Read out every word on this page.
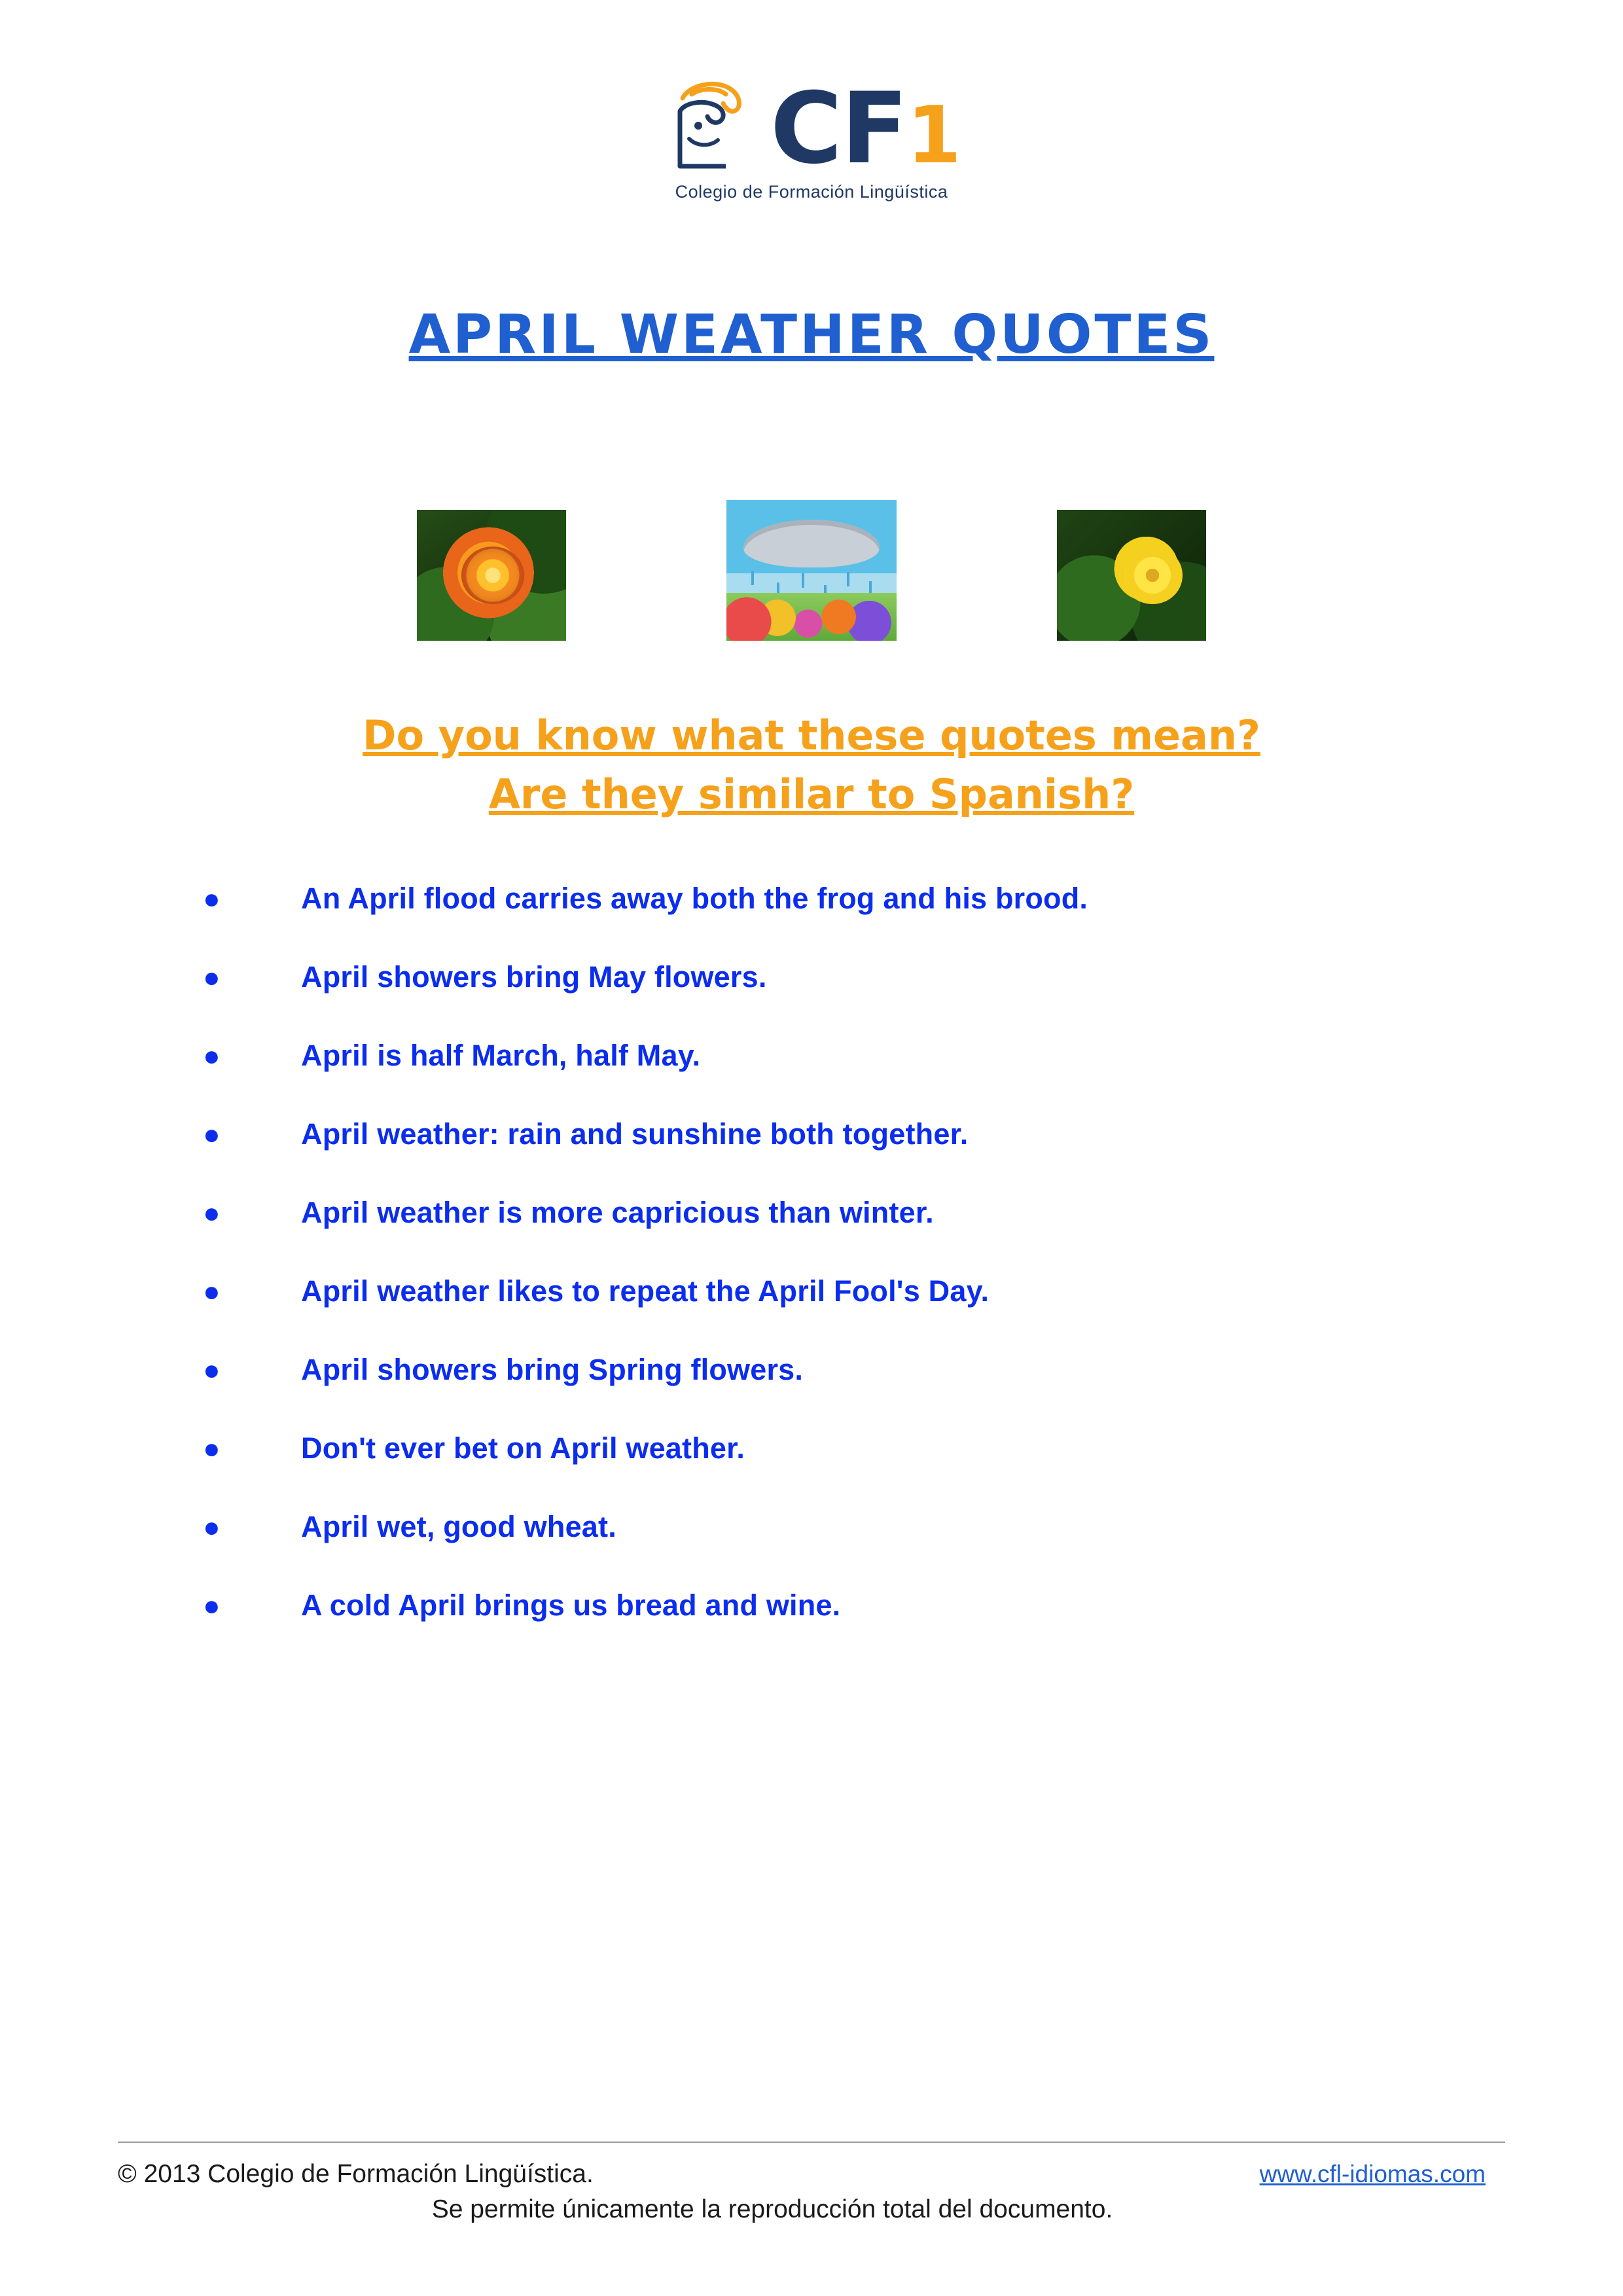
C F 1
Colegio de Formación Lingüística
APRIL WEATHER QUOTES
Do you know what these quotes mean?
Are they similar to Spanish?
●	An April flood carries away both the frog and his brood.
●	April showers bring May flowers.
●	April is half March, half May.
●	April weather: rain and sunshine both together.
●	April weather is more capricious than winter.
●	April weather likes to repeat the April Fool's Day.
●	April showers bring Spring flowers.
●	Don't ever bet on April weather.
●	April wet, good wheat.
●	A cold April brings us bread and wine.
© 2013 Colegio de Formación Lingüística.	www.cfl-idiomas.com
Se permite únicamente la reproducción total del documento.
